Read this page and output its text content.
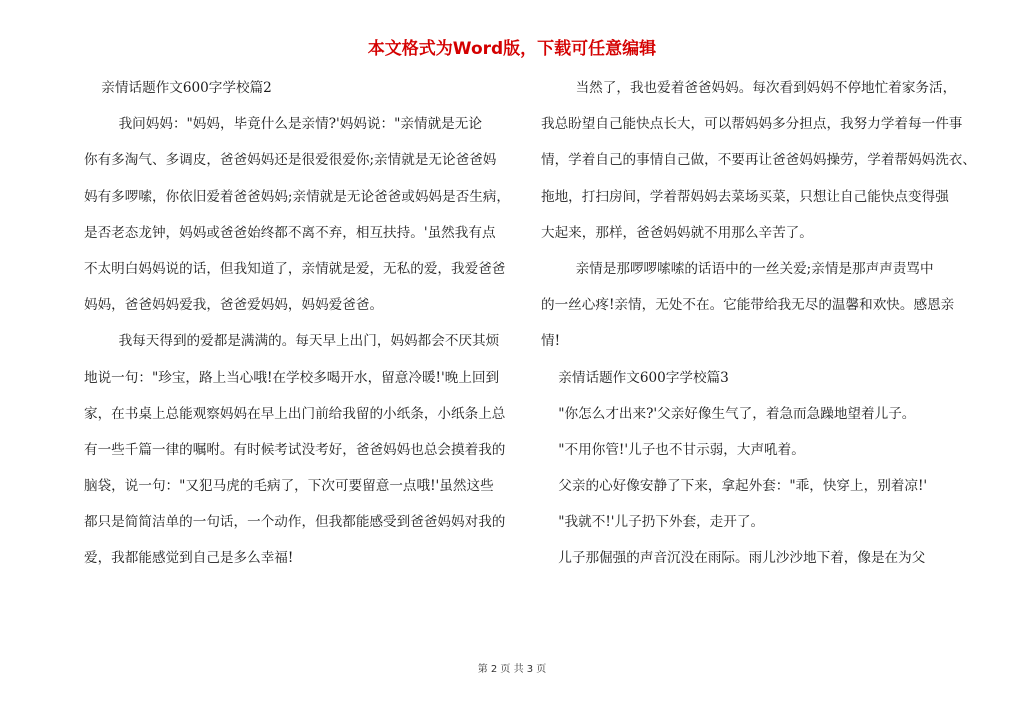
本文格式为Word版，下载可任意编辑
亲情话题作文600字学校篇2
我问妈妈："妈妈，毕竟什么是亲情?'妈妈说："亲情就是无论
你有多淘气、多调皮，爸爸妈妈还是很爱很爱你;亲情就是无论爸爸妈
妈有多啰嗦，你依旧爱着爸爸妈妈;亲情就是无论爸爸或妈妈是否生病，
是否老态龙钟，妈妈或爸爸始终都不离不弃，相互扶持。'虽然我有点
不太明白妈妈说的话，但我知道了，亲情就是爱，无私的爱，我爱爸爸
妈妈，爸爸妈妈爱我，爸爸爱妈妈，妈妈爱爸爸。
我每天得到的爱都是满满的。每天早上出门，妈妈都会不厌其烦
地说一句："珍宝，路上当心哦!在学校多喝开水，留意冷暖!'晚上回到
家，在书桌上总能观察妈妈在早上出门前给我留的小纸条，小纸条上总
有一些千篇一律的嘱咐。有时候考试没考好，爸爸妈妈也总会摸着我的
脑袋，说一句："又犯马虎的毛病了，下次可要留意一点哦!'虽然这些
都只是简简洁单的一句话，一个动作，但我都能感受到爸爸妈妈对我的
爱，我都能感觉到自己是多么幸福!
当然了，我也爱着爸爸妈妈。每次看到妈妈不停地忙着家务活，
我总盼望自己能快点长大，可以帮妈妈多分担点，我努力学着每一件事
情，学着自己的事情自己做，不要再让爸爸妈妈操劳，学着帮妈妈洗衣、
拖地，打扫房间，学着帮妈妈去菜场买菜，只想让自己能快点变得强
大起来，那样，爸爸妈妈就不用那么辛苦了。
亲情是那啰啰嗦嗦的话语中的一丝关爱;亲情是那声声责骂中
的一丝心疼!亲情，无处不在。它能带给我无尽的温馨和欢快。感恩亲
情!
亲情话题作文600字学校篇3
"你怎么才出来?'父亲好像生气了，着急而急躁地望着儿子。
"不用你管!'儿子也不甘示弱，大声吼着。
父亲的心好像安静了下来，拿起外套："乖，快穿上，别着凉!'
"我就不!'儿子扔下外套，走开了。
儿子那倔强的声音沉没在雨际。雨儿沙沙地下着，像是在为父
第 2 页 共 3 页
